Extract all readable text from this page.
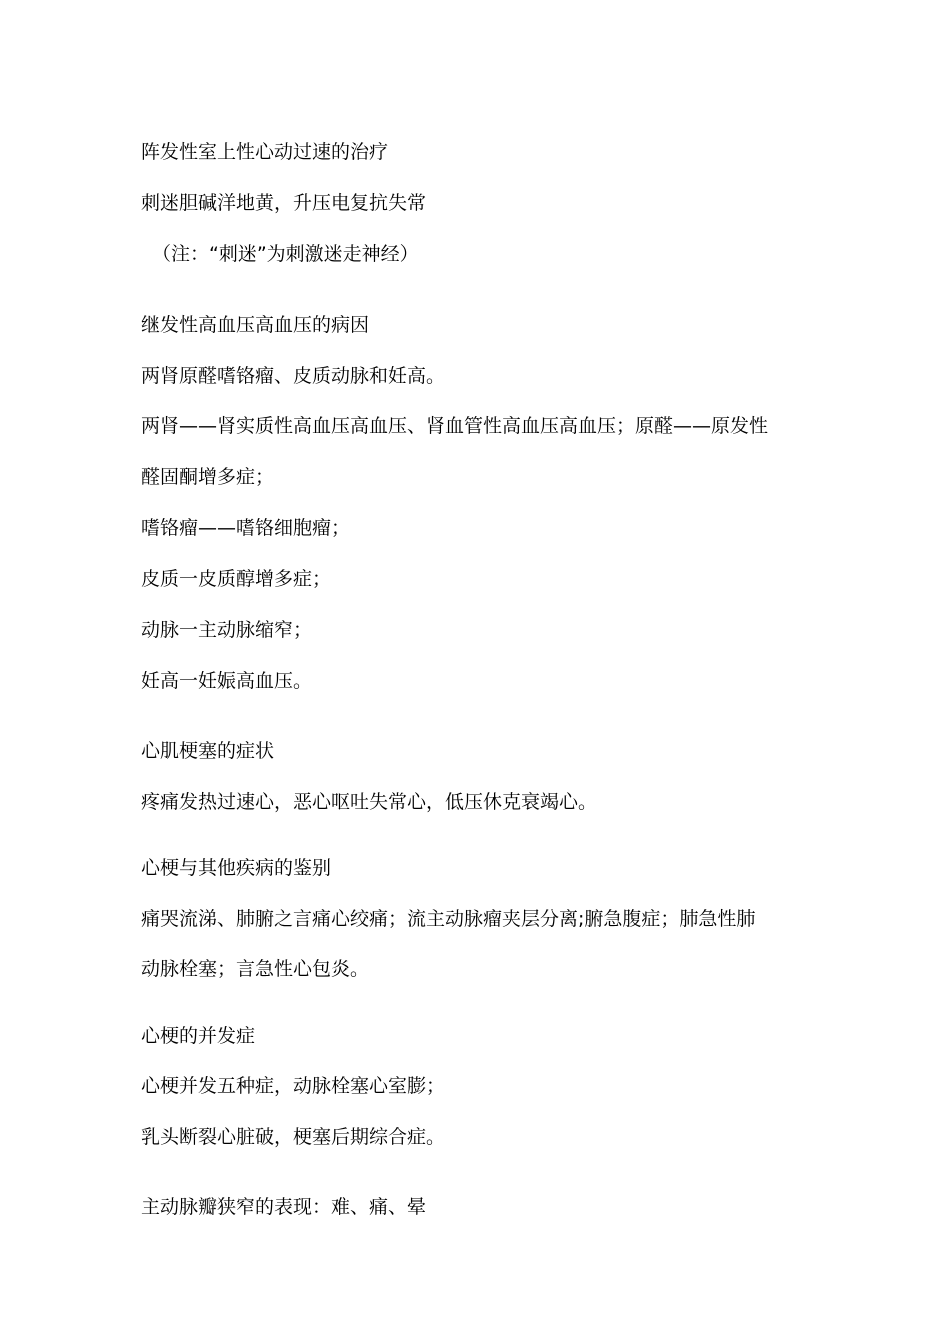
阵发性室上性心动过速的治疗
刺迷胆碱洋地黄，升压电复抗失常
（注：“刺迷”为刺激迷走神经）
继发性高血压高血压的病因
两肾原醛嗜铬瘤、皮质动脉和妊高。
两肾——肾实质性高血压高血压、肾血管性高血压高血压；原醛——原发性
醛固酮增多症；
嗜铬瘤——嗜铬细胞瘤；
皮质一皮质醇增多症；
动脉一主动脉缩窄；
妊高一妊娠高血压。
心肌梗塞的症状
疼痛发热过速心，恶心呕吐失常心，低压休克衰竭心。
心梗与其他疾病的鉴别
痛哭流涕、肺腑之言痛心绞痛；流主动脉瘤夹层分离;腑急腹症；肺急性肺
动脉栓塞；言急性心包炎。
心梗的并发症
心梗并发五种症，动脉栓塞心室膨；
乳头断裂心脏破，梗塞后期综合症。
主动脉瓣狭窄的表现：难、痛、晕
